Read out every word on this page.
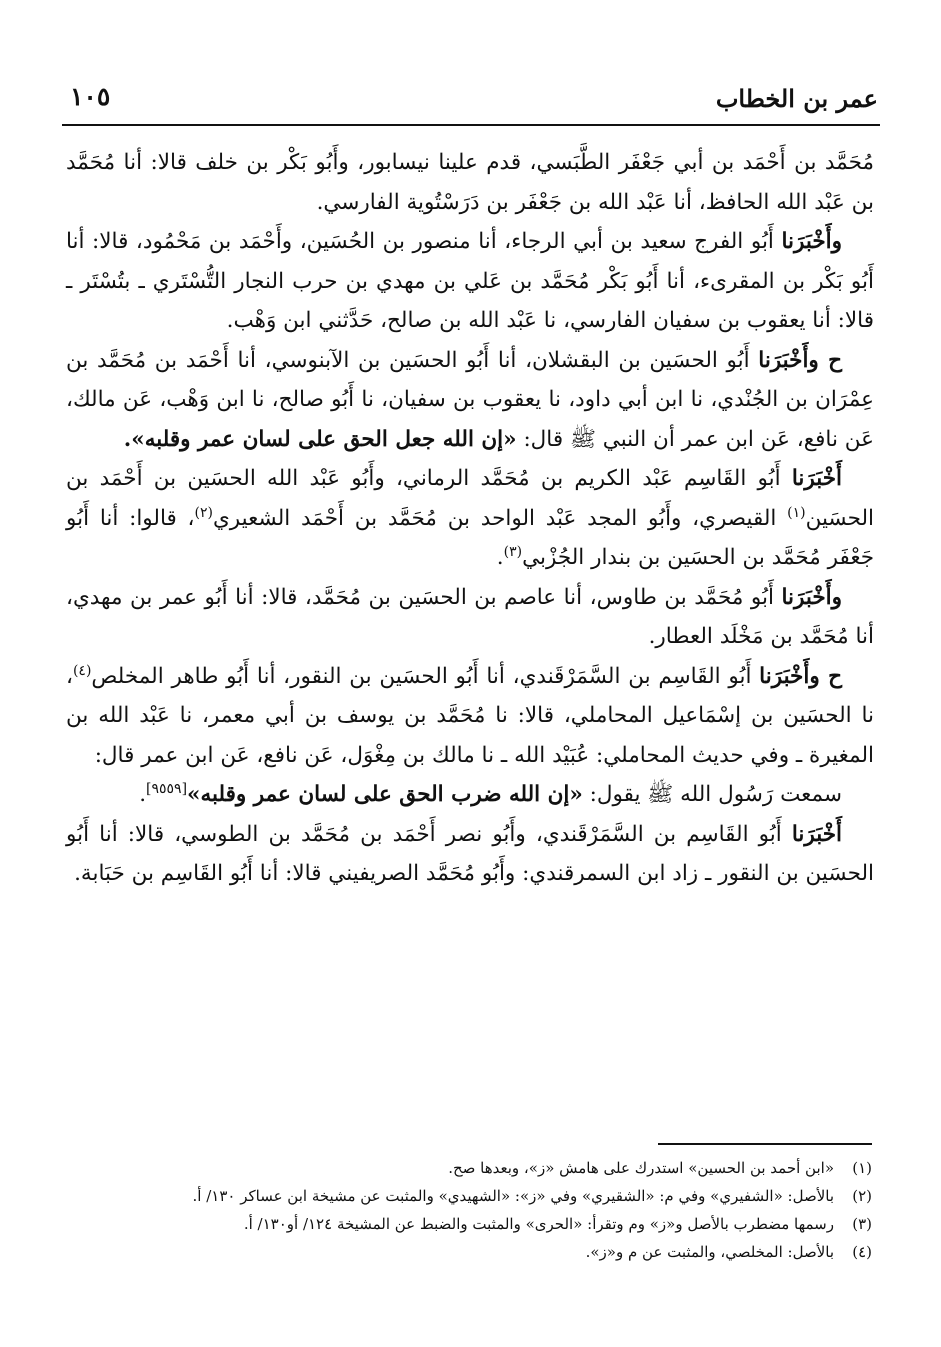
عمر بن الخطاب
١٠٥

مُحَمَّد بن أَحْمَد بن أبي جَعْفَر الطَّبَسي، قدم علينا نيسابور، وأَبُو بَكْر بن خلف قالا: أنا مُحَمَّد بن عَبْد الله الحافظ، أنا عَبْد الله بن جَعْفَر بن دَرَسْتُوية الفارسي.

وأَخْبَرَنا أَبُو الفرج سعيد بن أبي الرجاء، أنا منصور بن الحُسَين، وأَحْمَد بن مَحْمُود، قالا: أنا أَبُو بَكْر بن المقرىء، أنا أَبُو بَكْر مُحَمَّد بن عَلي بن مهدي بن حرب النجار التُّسْتَري ـ بتُسْتَر ـ قالا: أنا يعقوب بن سفيان الفارسي، نا عَبْد الله بن صالح، حَدَّثني ابن وَهْب.

ح وأَخْبَرَنا أَبُو الحسَين بن البقشلان، أنا أَبُو الحسَين بن الآبنوسي، أنا أَحْمَد بن مُحَمَّد بن عِمْرَان بن الجُنْدي، نا ابن أبي داود، نا يعقوب بن سفيان، نا أَبُو صالح، نا ابن وَهْب، عَن مالك، عَن نافع، عَن ابن عمر أن النبي ﷺ قال: «إن الله جعل الحق على لسان عمر وقلبه».

أَخْبَرَنا أَبُو القَاسِم عَبْد الكريم بن مُحَمَّد الرماني، وأَبُو عَبْد الله الحسَين بن أَحْمَد بن الحسَين$^{(١)}$ القيصري، وأَبُو المجد عَبْد الواحد بن مُحَمَّد بن أَحْمَد الشعيري$^{(٢)}$، قالوا: أنا أَبُو جَعْفَر مُحَمَّد بن الحسَين بن بندار الجُزْبي$^{(٣)}$.

وأَخْبَرَنا أَبُو مُحَمَّد بن طاوس، أنا عاصم بن الحسَين بن مُحَمَّد، قالا: أنا أَبُو عمر بن مهدي، أنا مُحَمَّد بن مَخْلَد العطار.

ح وأَخْبَرَنا أَبُو القَاسِم بن السَّمَرْقَندي، أنا أَبُو الحسَين بن النقور، أنا أَبُو طاهر المخلص$^{(٤)}$، نا الحسَين بن إسْمَاعيل المحاملي، قالا: نا مُحَمَّد بن يوسف بن أبي معمر، نا عَبْد الله بن المغيرة ـ وفي حديث المحاملي: عُبَيْد الله ـ نا مالك بن مِغْوَل، عَن نافع، عَن ابن عمر قال:

سمعت رَسُول الله ﷺ يقول: «إن الله ضرب الحق على لسان عمر وقلبه»[٩٥٥٩].

أَخْبَرَنا أَبُو القَاسِم بن السَّمَرْقَندي، وأَبُو نصر أَحْمَد بن مُحَمَّد بن الطوسي، قالا: أنا أَبُو الحسَين بن النقور ـ زاد ابن السمرقندي: وأَبُو مُحَمَّد الصريفيني قالا: أنا أَبُو القَاسِم بن حَبَابة.

(١)
«ابن أحمد بن الحسين» استدرك على هامش «ز»، وبعدها صح.
(٢)
بالأصل: «الشفيري» وفي م: «الشقيري» وفي «ز»: «الشهيدي» والمثبت عن مشيخة ابن عساكر ١٣٠/ أ.
(٣)
رسمها مضطرب بالأصل و«ز» وم وتقرأ: «الحرى» والمثبت والضبط عن المشيخة ١٢٤/ أو١٣٠/ أ.
(٤)
بالأصل: المخلصي، والمثبت عن م و«ز».
